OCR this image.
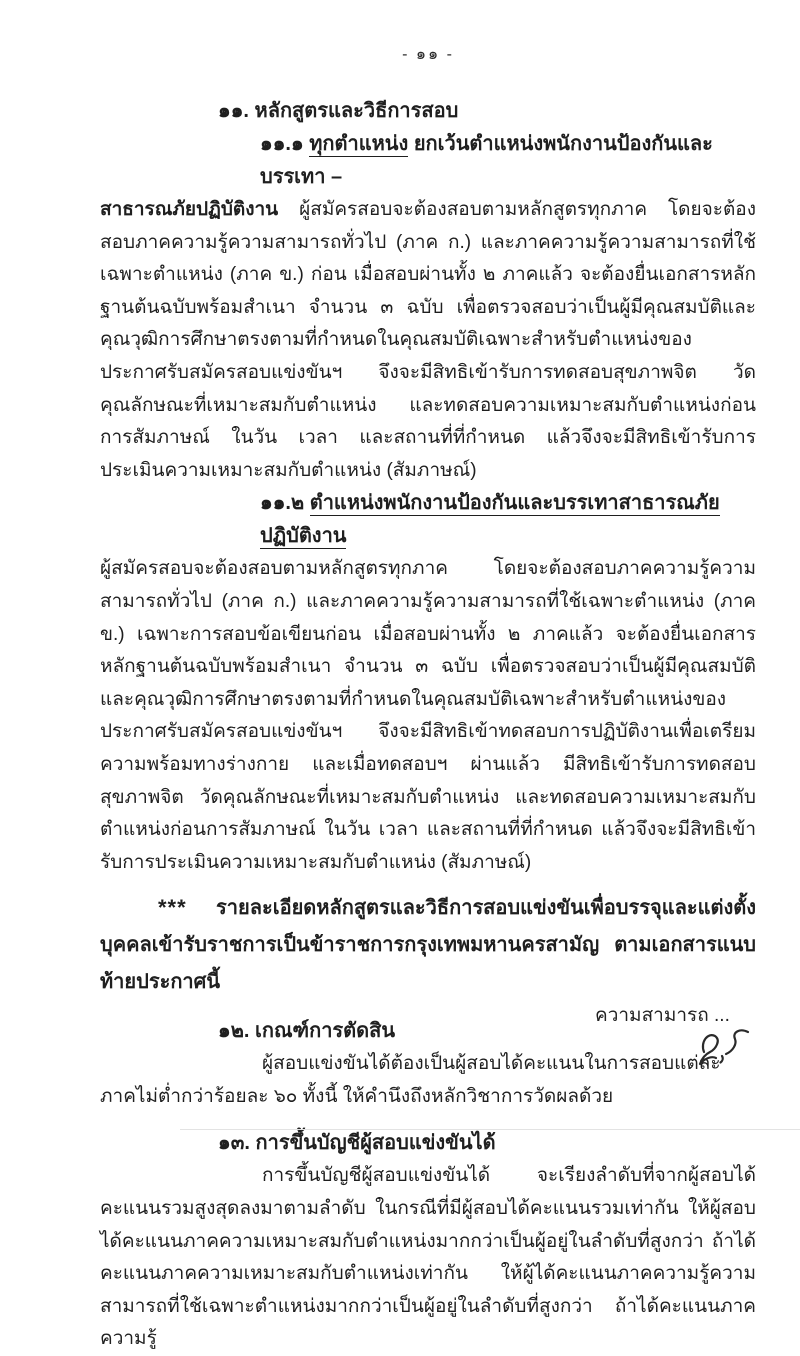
- ๑๑ -
๑๑. หลักสูตรและวิธีการสอบ
๑๑.๑ ทุกตำแหน่ง ยกเว้นตำแหน่งพนักงานป้องกันและบรรเทา –

สาธารณภัยปฏิบัติงาน ผู้สมัครสอบจะต้องสอบตามหลักสูตรทุกภาค โดยจะต้องสอบภาคความรู้ความสามารถทั่วไป (ภาค ก.) และภาคความรู้ความสามารถที่ใช้เฉพาะตำแหน่ง (ภาค ข.) ก่อน เมื่อสอบผ่านทั้ง ๒ ภาคแล้ว จะต้องยื่นเอกสารหลักฐานต้นฉบับพร้อมสำเนา จำนวน ๓ ฉบับ เพื่อตรวจสอบว่าเป็นผู้มีคุณสมบัติและคุณวุฒิการศึกษาตรงตามที่กำหนดในคุณสมบัติเฉพาะสำหรับตำแหน่งของประกาศรับสมัครสอบแข่งขันฯ จึงจะมีสิทธิเข้ารับการทดสอบสุขภาพจิต วัดคุณลักษณะที่เหมาะสมกับตำแหน่ง และทดสอบความเหมาะสมกับตำแหน่งก่อนการสัมภาษณ์ ในวัน เวลา และสถานที่ที่กำหนด แล้วจึงจะมีสิทธิเข้ารับการประเมินความเหมาะสมกับตำแหน่ง (สัมภาษณ์)

๑๑.๒ ตำแหน่งพนักงานป้องกันและบรรเทาสาธารณภัยปฏิบัติงาน

ผู้สมัครสอบจะต้องสอบตามหลักสูตรทุกภาค โดยจะต้องสอบภาคความรู้ความสามารถทั่วไป (ภาค ก.) และภาคความรู้ความสามารถที่ใช้เฉพาะตำแหน่ง (ภาค ข.) เฉพาะการสอบข้อเขียนก่อน เมื่อสอบผ่านทั้ง ๒ ภาคแล้ว จะต้องยื่นเอกสารหลักฐานต้นฉบับพร้อมสำเนา จำนวน ๓ ฉบับ เพื่อตรวจสอบว่าเป็นผู้มีคุณสมบัติและคุณวุฒิการศึกษาตรงตามที่กำหนดในคุณสมบัติเฉพาะสำหรับตำแหน่งของประกาศรับสมัครสอบแข่งขันฯ จึงจะมีสิทธิเข้าทดสอบการปฏิบัติงานเพื่อเตรียมความพร้อมทางร่างกาย และเมื่อทดสอบฯ ผ่านแล้ว มีสิทธิเข้ารับการทดสอบสุขภาพจิต วัดคุณลักษณะที่เหมาะสมกับตำแหน่ง และทดสอบความเหมาะสมกับตำแหน่งก่อนการสัมภาษณ์ ในวัน เวลา และสถานที่ที่กำหนด แล้วจึงจะมีสิทธิเข้ารับการประเมินความเหมาะสมกับตำแหน่ง (สัมภาษณ์)

*** รายละเอียดหลักสูตรและวิธีการสอบแข่งขันเพื่อบรรจุและแต่งตั้งบุคคลเข้ารับราชการเป็นข้าราชการกรุงเทพมหานครสามัญ ตามเอกสารแนบท้ายประกาศนี้

๑๒. เกณฑ์การตัดสิน

ผู้สอบแข่งขันได้ต้องเป็นผู้สอบได้คะแนนในการสอบแต่ละภาคไม่ต่ำกว่าร้อยละ ๖๐ ทั้งนี้ ให้คำนึงถึงหลักวิชาการวัดผลด้วย

๑๓. การขึ้นบัญชีผู้สอบแข่งขันได้

การขึ้นบัญชีผู้สอบแข่งขันได้ จะเรียงลำดับที่จากผู้สอบได้คะแนนรวมสูงสุดลงมาตามลำดับ ในกรณีที่มีผู้สอบได้คะแนนรวมเท่ากัน ให้ผู้สอบได้คะแนนภาคความเหมาะสมกับตำแหน่งมากกว่าเป็นผู้อยู่ในลำดับที่สูงกว่า ถ้าได้คะแนนภาคความเหมาะสมกับตำแหน่งเท่ากัน ให้ผู้ได้คะแนนภาคความรู้ความสามารถที่ใช้เฉพาะตำแหน่งมากกว่าเป็นผู้อยู่ในลำดับที่สูงกว่า ถ้าได้คะแนนภาคความรู้

ความสามารถ ...
